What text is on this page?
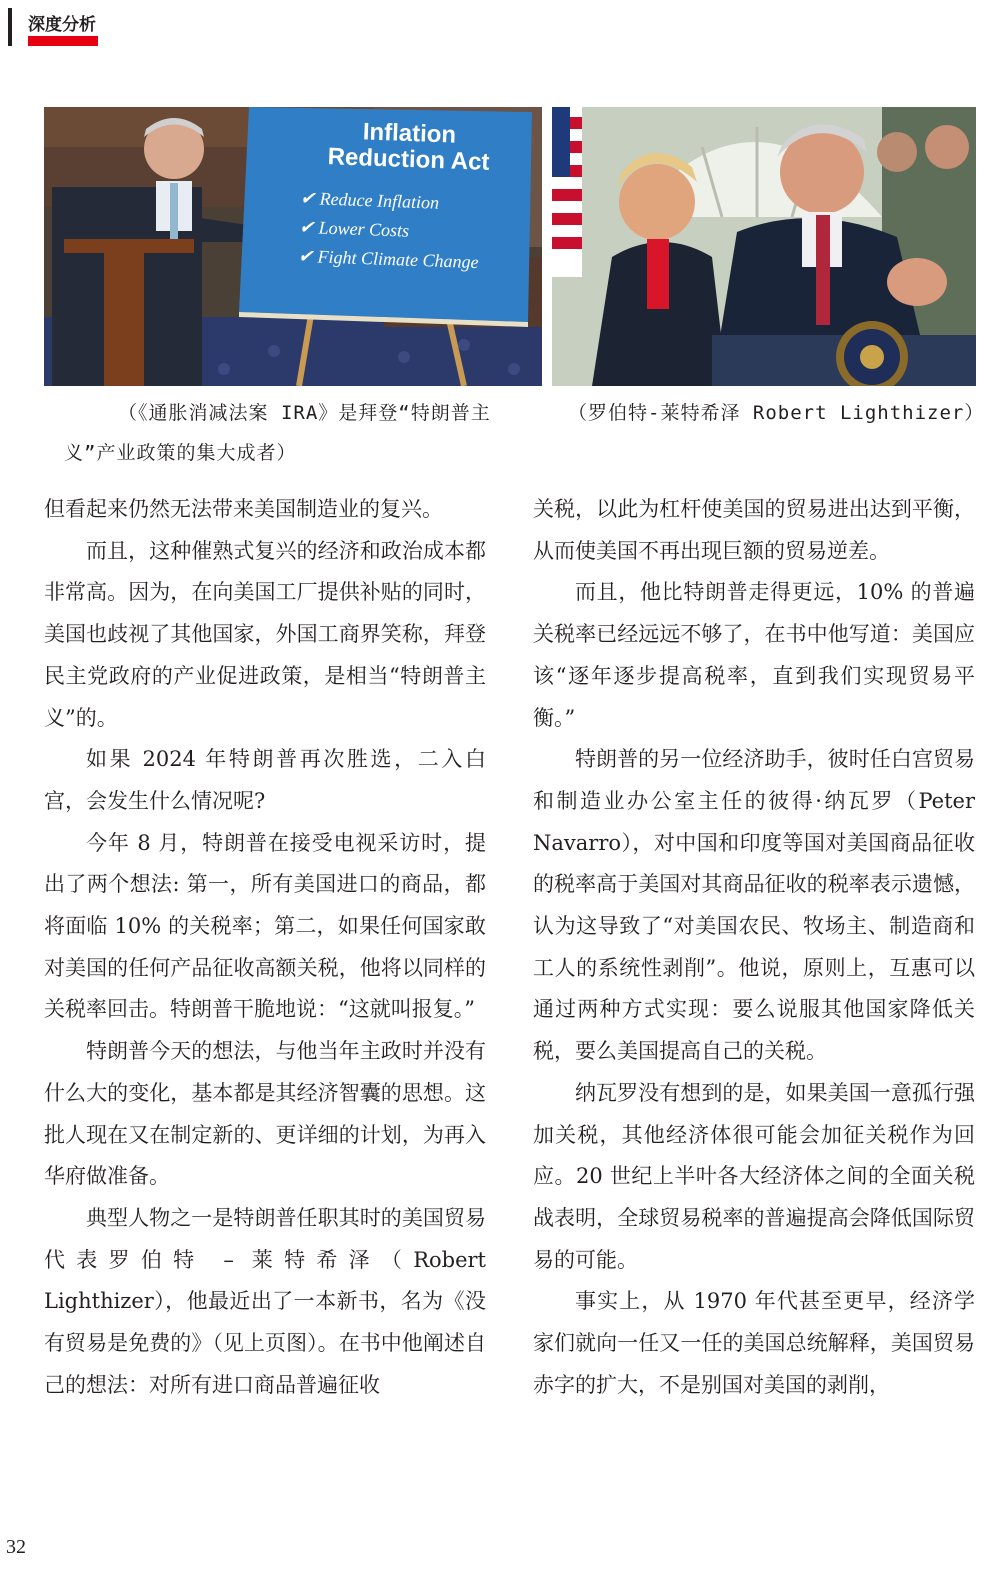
深度分析
Inflation
Reduction Act
✔ Reduce Inflation
✔ Lower Costs
✔ Fight Climate Change
（《通胀消减法案 IRA》是拜登“特朗普主义”产业政策的集大成者）
（罗伯特-莱特希泽 Robert Lighthizer）

但看起来仍然无法带来美国制造业的复兴。

而且，这种催熟式复兴的经济和政治成本都非常高。因为，在向美国工厂提供补贴的同时，美国也歧视了其他国家，外国工商界笑称，拜登民主党政府的产业促进政策，是相当“特朗普主义”的。

如果 2024 年特朗普再次胜选，二入白宫，会发生什么情况呢?

今年 8 月，特朗普在接受电视采访时，提出了两个想法: 第一，所有美国进口的商品，都将面临 10% 的关税率；第二，如果任何国家敢对美国的任何产品征收高额关税，他将以同样的关税率回击。特朗普干脆地说：“这就叫报复。”

特朗普今天的想法，与他当年主政时并没有什么大的变化，基本都是其经济智囊的思想。这批人现在又在制定新的、更详细的计划，为再入华府做准备。

典型人物之一是特朗普任职其时的美国贸易代表罗伯特 – 莱特希泽（Robert Lighthizer），他最近出了一本新书，名为《没有贸易是免费的》（见上页图）。在书中他阐述自己的想法：对所有进口商品普遍征收

关税，以此为杠杆使美国的贸易进出达到平衡，从而使美国不再出现巨额的贸易逆差。

而且，他比特朗普走得更远，10% 的普遍关税率已经远远不够了，在书中他写道：美国应该“逐年逐步提高税率，直到我们实现贸易平衡。”

特朗普的另一位经济助手，彼时任白宫贸易和制造业办公室主任的彼得·纳瓦罗（Peter Navarro），对中国和印度等国对美国商品征收的税率高于美国对其商品征收的税率表示遗憾，认为这导致了“对美国农民、牧场主、制造商和工人的系统性剥削”。他说，原则上，互惠可以通过两种方式实现：要么说服其他国家降低关税，要么美国提高自己的关税。

纳瓦罗没有想到的是，如果美国一意孤行强加关税，其他经济体很可能会加征关税作为回应。20 世纪上半叶各大经济体之间的全面关税战表明，全球贸易税率的普遍提高会降低国际贸易的可能。

事实上，从 1970 年代甚至更早，经济学家们就向一任又一任的美国总统解释，美国贸易赤字的扩大，不是别国对美国的剥削，

32
